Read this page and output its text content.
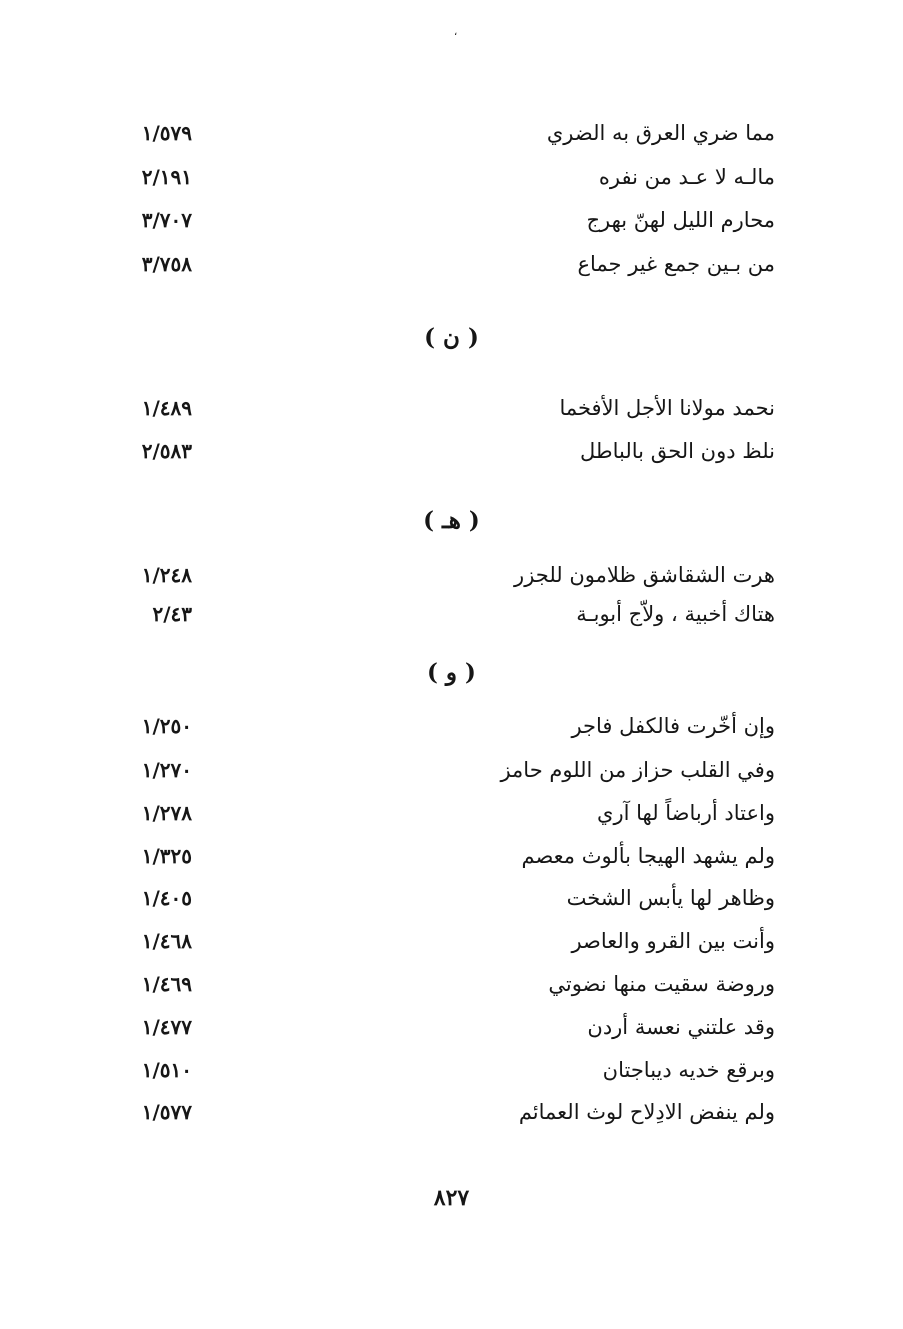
،
مما ضري العرق به الضري
١/٥٧٩
مالـه لا عـد من نفره
٢/١٩١
محارم الليل لهنّ بهرج
٣/٧٠٧
من بـين جمع غير جماع
٣/٧٥٨
( ن )
نحمد مولانا الأجل الأفخما
١/٤٨٩
نلظ دون الحق بالباطل
٢/٥٨٣
( هـ )
هرت الشقاشق ظلامون للجزر
١/٢٤٨
هتاك أخبية ، ولاّج أبوبـة
٢/٤٣
( و )
وإن أخّرت فالكفل فاجر
١/٢٥٠
وفي القلب حزاز من اللوم حامز
١/٢٧٠
واعتاد أرباضاً لها آري
١/٢٧٨
ولم يشهد الهيجا بألوث معصم
١/٣٢٥
وظاهر لها يأبس الشخت
١/٤٠٥
وأنت بين القرو والعاصر
١/٤٦٨
وروضة سقيت منها نضوتي
١/٤٦٩
وقد علتني نعسة أردن
١/٤٧٧
وبرقع خديه ديباجتان
١/٥١٠
ولم ينفض الادِلاح لوث العمائم
١/٥٧٧
٨٢٧
